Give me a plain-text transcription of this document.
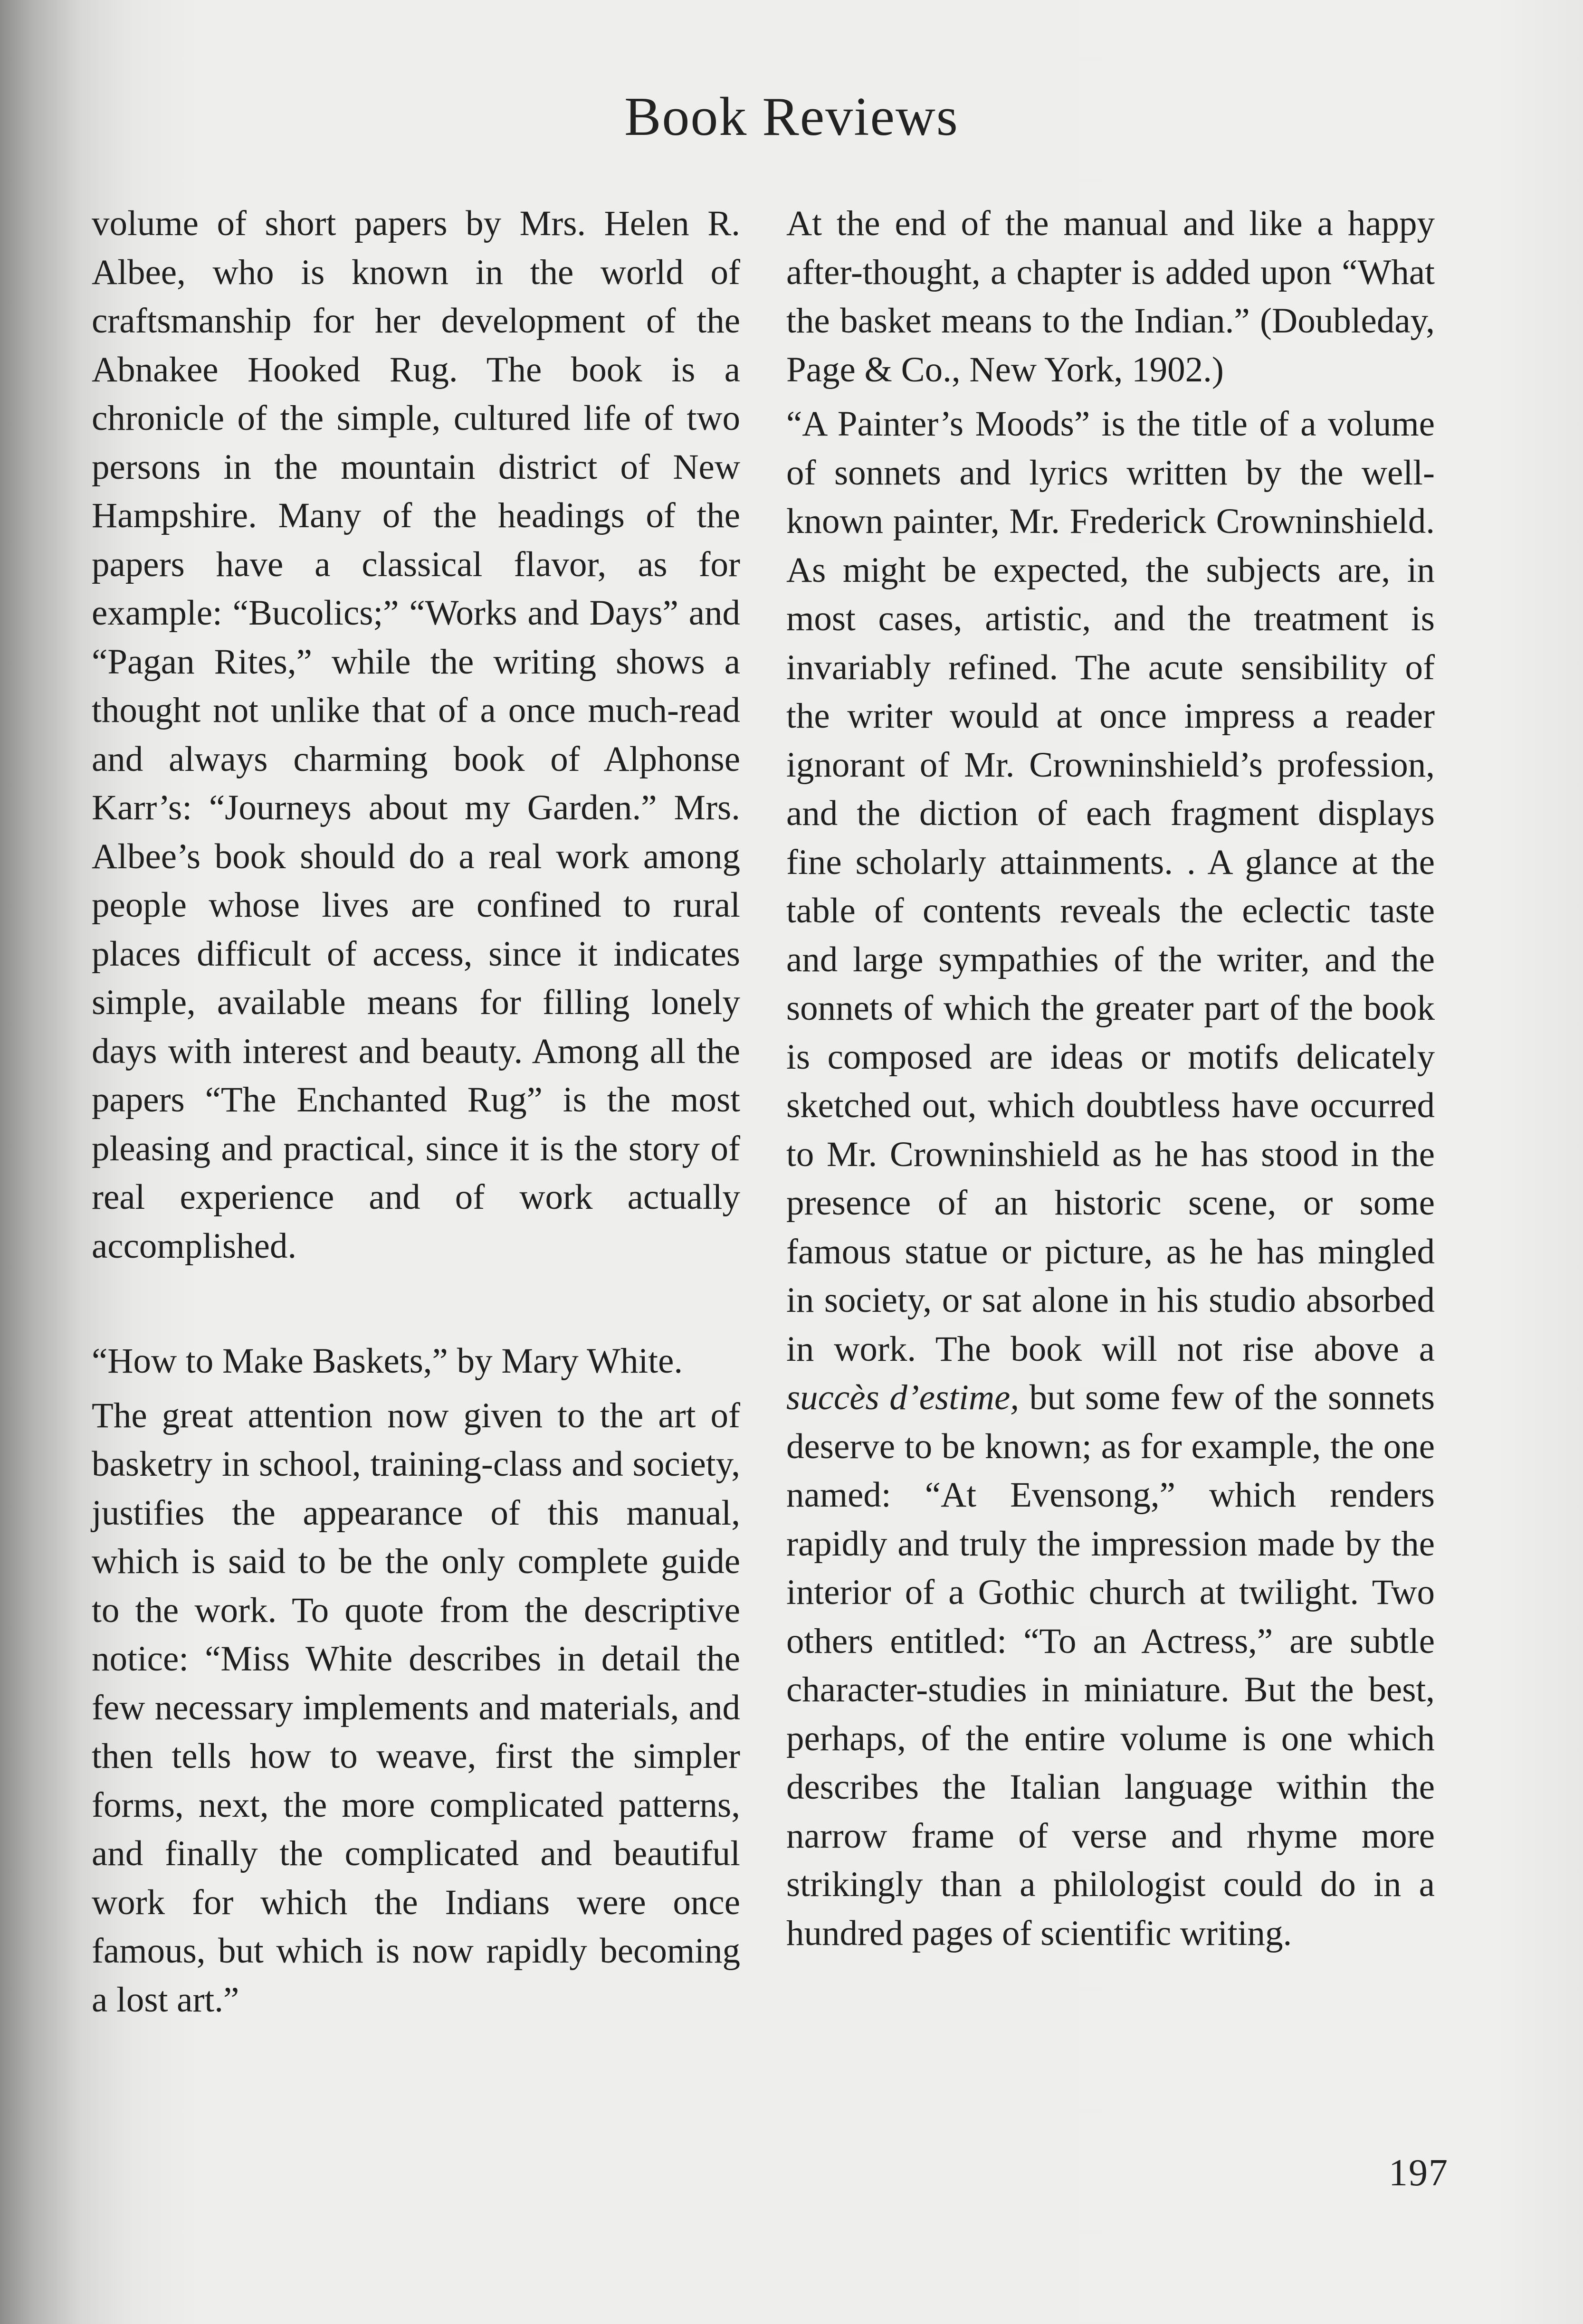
Book Reviews

volume of short papers by Mrs. Helen R. Albee, who is known in the world of craftsmanship for her development of the Abnakee Hooked Rug. The book is a chronicle of the simple, cultured life of two persons in the mountain district of New Hampshire. Many of the headings of the papers have a classical flavor, as for example: “Bucolics;” “Works and Days” and “Pagan Rites,” while the writing shows a thought not unlike that of a once much-read and always charming book of Alphonse Karr’s: “Journeys about my Garden.” Mrs. Albee’s book should do a real work among people whose lives are confined to rural places difficult of access, since it indicates simple, available means for filling lonely days with interest and beauty. Among all the papers “The Enchanted Rug” is the most pleasing and practical, since it is the story of real experience and of work actually accomplished.

“How to Make Baskets,” by Mary White.

The great attention now given to the art of basketry in school, training-class and society, justifies the appearance of this manual, which is said to be the only complete guide to the work. To quote from the descriptive notice: “Miss White describes in detail the few necessary implements and materials, and then tells how to weave, first the simpler forms, next, the more complicated patterns, and finally the complicated and beautiful work for which the Indians were once famous, but which is now rapidly becoming a lost art.”

At the end of the manual and like a happy after-thought, a chapter is added upon “What the basket means to the Indian.” (Doubleday, Page & Co., New York, 1902.)

“A Painter’s Moods” is the title of a volume of sonnets and lyrics written by the well-known painter, Mr. Frederick Crowninshield. As might be expected, the subjects are, in most cases, artistic, and the treatment is invariably refined. The acute sensibility of the writer would at once impress a reader ignorant of Mr. Crowninshield’s profession, and the diction of each fragment displays fine scholarly attainments. . A glance at the table of contents reveals the eclectic taste and large sympathies of the writer, and the sonnets of which the greater part of the book is composed are ideas or motifs delicately sketched out, which doubtless have occurred to Mr. Crowninshield as he has stood in the presence of an historic scene, or some famous statue or picture, as he has mingled in society, or sat alone in his studio absorbed in work. The book will not rise above a succès d’estime, but some few of the sonnets deserve to be known; as for example, the one named: “At Evensong,” which renders rapidly and truly the impression made by the interior of a Gothic church at twilight. Two others entitled: “To an Actress,” are subtle character-studies in miniature. But the best, perhaps, of the entire volume is one which describes the Italian language within the narrow frame of verse and rhyme more strikingly than a philologist could do in a hundred pages of scientific writing.

197
